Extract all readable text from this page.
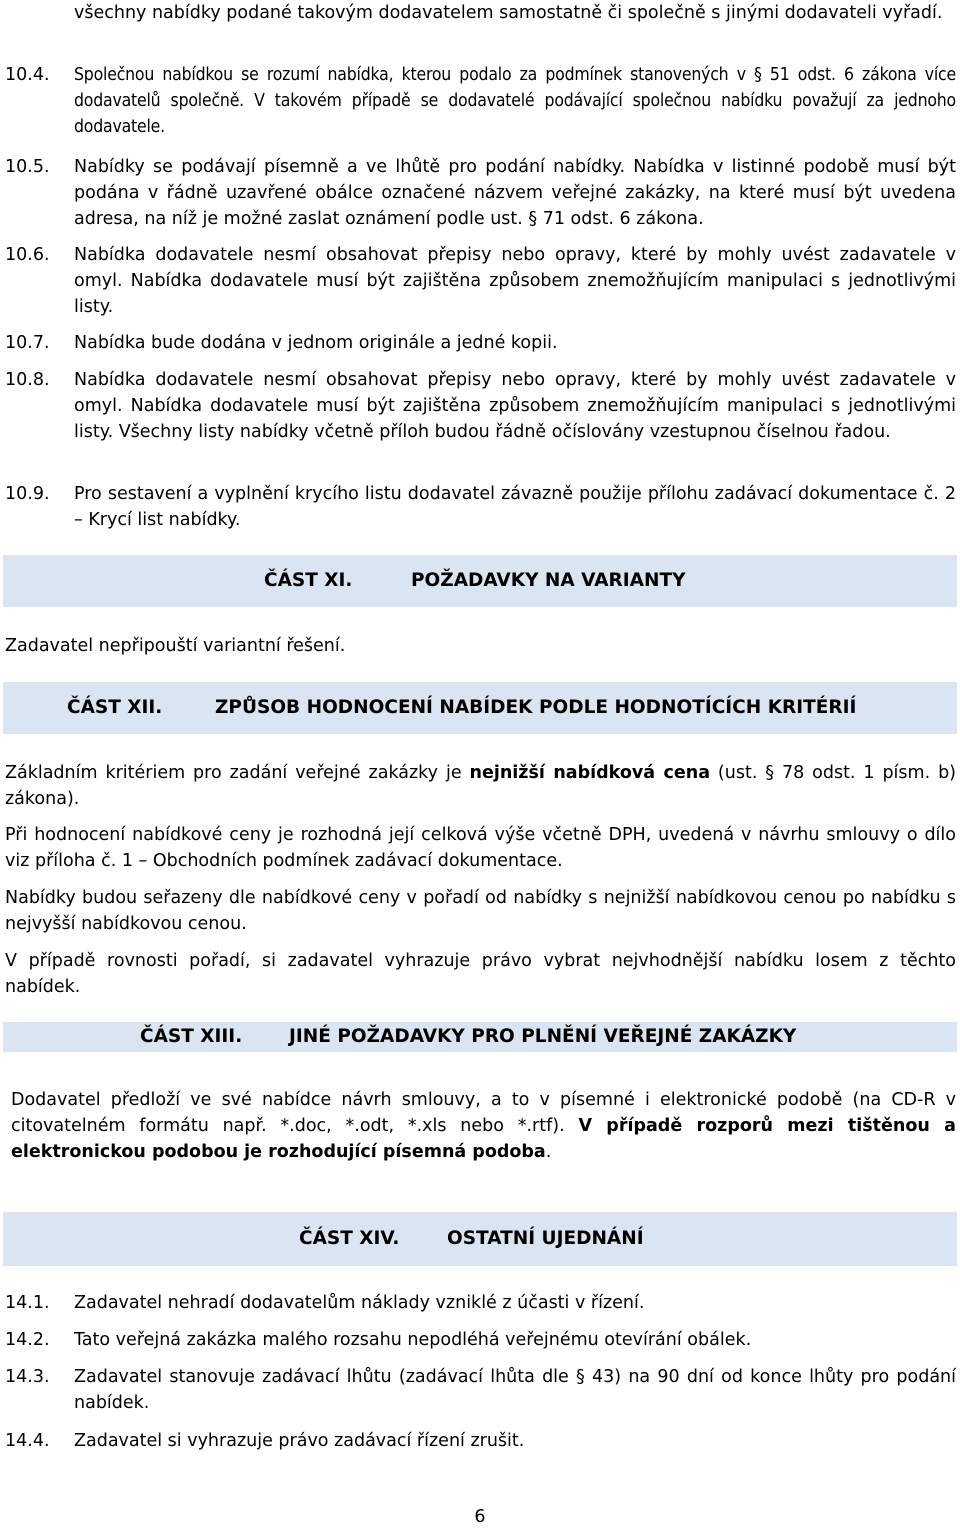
všechny nabídky podané takovým dodavatelem samostatně či společně s jinými dodavateli vyřadí.
10.4.	Společnou nabídkou se rozumí nabídka, kterou podalo za podmínek stanovených v § 51 odst. 6 zákona více dodavatelů společně. V takovém případě se dodavatelé podávající společnou nabídku považují za jednoho dodavatele.
10.5.	Nabídky se podávají písemně a ve lhůtě pro podání nabídky. Nabídka v listinné podobě musí být podána v řádně uzavřené obálce označené názvem veřejné zakázky, na které musí být uvedena adresa, na níž je možné zaslat oznámení podle ust. § 71 odst. 6 zákona.
10.6.	Nabídka dodavatele nesmí obsahovat přepisy nebo opravy, které by mohly uvést zadavatele v omyl. Nabídka dodavatele musí být zajištěna způsobem znemožňujícím manipulaci s jednotlivými listy.
10.7.	Nabídka bude dodána v jednom originále a jedné kopii.
10.8.	Nabídka dodavatele nesmí obsahovat přepisy nebo opravy, které by mohly uvést zadavatele v omyl. Nabídka dodavatele musí být zajištěna způsobem znemožňujícím manipulaci s jednotlivými listy. Všechny listy nabídky včetně příloh budou řádně očíslovány vzestupnou číselnou řadou.
10.9.	Pro sestavení a vyplnění krycího listu dodavatel závazně použije přílohu zadávací dokumentace č. 2 – Krycí list nabídky.
ČÁST XI.	POŽADAVKY NA VARIANTY
Zadavatel nepřipouští variantní řešení.
ČÁST XII.	ZPŮSOB HODNOCENÍ NABÍDEK PODLE HODNOTÍCÍCH KRITÉRIÍ
Základním kritériem pro zadání veřejné zakázky je nejnižší nabídková cena (ust. § 78 odst. 1 písm. b) zákona).
Při hodnocení nabídkové ceny je rozhodná její celková výše včetně DPH, uvedená v návrhu smlouvy o dílo viz příloha č. 1 – Obchodních podmínek zadávací dokumentace.
Nabídky budou seřazeny dle nabídkové ceny v pořadí od nabídky s nejnižší nabídkovou cenou po nabídku s nejvyšší nabídkovou cenou.
V případě rovnosti pořadí, si zadavatel vyhrazuje právo vybrat nejvhodnější nabídku losem z těchto nabídek.
ČÁST XIII.	JINÉ POŽADAVKY PRO PLNĚNÍ VEŘEJNÉ ZAKÁZKY
Dodavatel předloží ve své nabídce návrh smlouvy, a to v písemné i elektronické podobě (na CD-R v citovatelném formátu např. *.doc, *.odt, *.xls nebo *.rtf). V případě rozporů mezi tištěnou a elektronickou podobou je rozhodující písemná podoba.
ČÁST XIV.	OSTATNÍ UJEDNÁNÍ
14.1.	Zadavatel nehradí dodavatelům náklady vzniklé z účasti v řízení.
14.2.	Tato veřejná zakázka malého rozsahu nepodléhá veřejnému otevírání obálek.
14.3.	Zadavatel stanovuje zadávací lhůtu (zadávací lhůta dle § 43) na 90 dní od konce lhůty pro podání nabídek.
14.4.	Zadavatel si vyhrazuje právo zadávací řízení zrušit.
6
